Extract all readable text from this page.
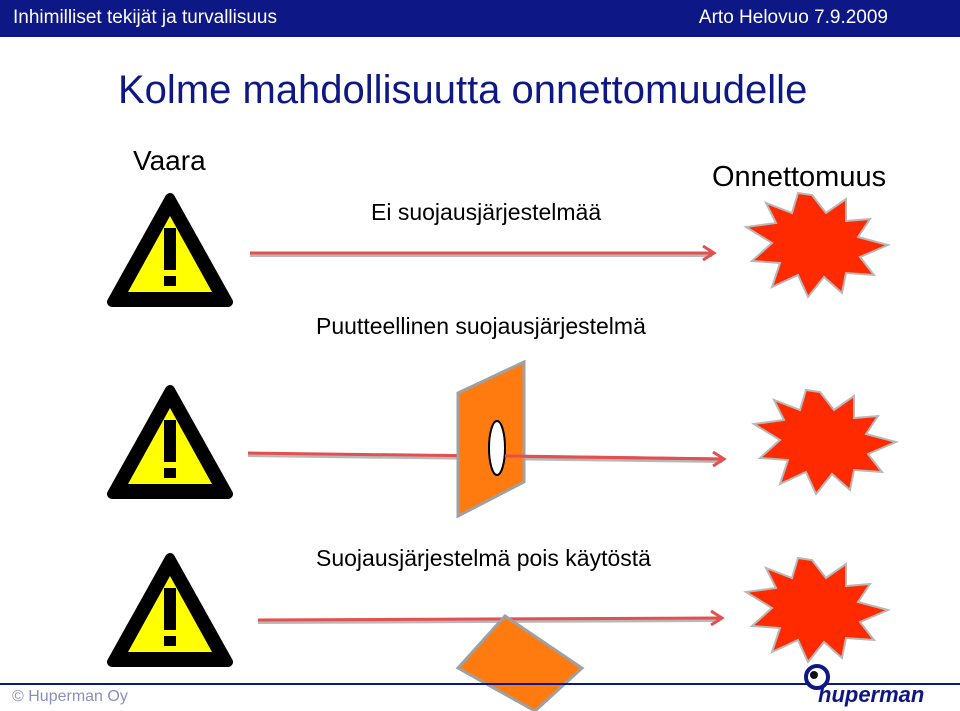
Inhimilliset tekijät ja turvallisuus	Arto Helovuo 7.9.2009
Kolme mahdollisuutta onnettomuudelle
Vaara
Ei suojausjärjestelmää
Onnettomuus
Puutteellinen suojausjärjestelmä
Suojausjärjestelmä pois käytöstä
© Huperman Oy	huperman
